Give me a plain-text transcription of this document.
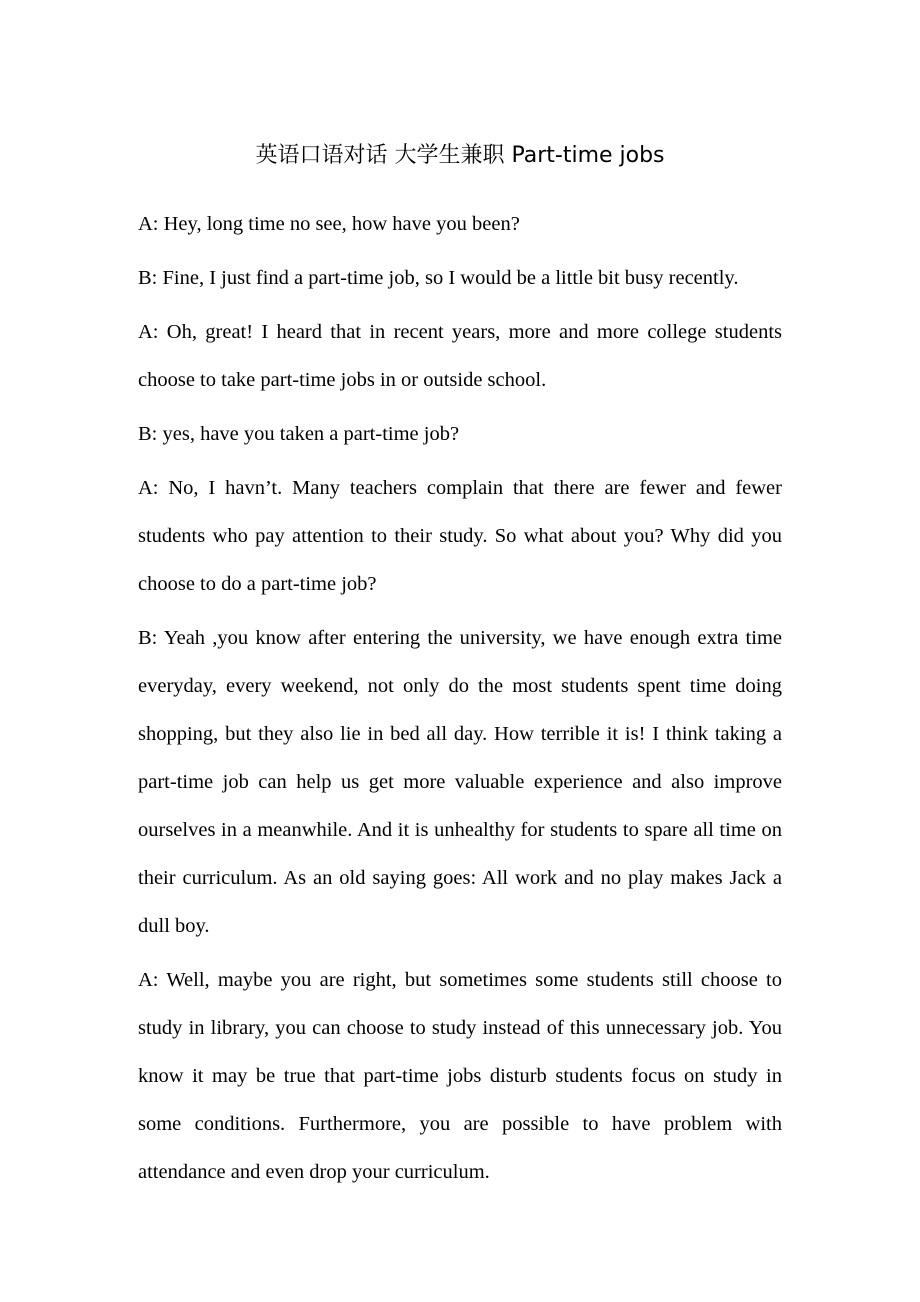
英语口语对话 大学生兼职 Part-time jobs

A: Hey, long time no see, how have you been?

B: Fine, I just find a part-time job, so I would be a little bit busy recently.

A: Oh, great! I heard that in recent years, more and more college students choose to take part-time jobs in or outside school.

B: yes, have you taken a part-time job?

A: No, I havn’t. Many teachers complain that there are fewer and fewer students who pay attention to their study. So what about you? Why did you choose to do a part-time job?

B: Yeah ,you know after entering the university, we have enough extra time everyday, every weekend, not only do the most students spent time doing shopping, but they also lie in bed all day. How terrible it is! I think taking a part-time job can help us get more valuable experience and also improve ourselves in a meanwhile. And it is unhealthy for students to spare all time on their curriculum. As an old saying goes: All work and no play makes Jack a dull boy.

A: Well, maybe you are right, but sometimes some students still choose to study in library, you can choose to study instead of this unnecessary job. You know it may be true that part-time jobs disturb students focus on study in some conditions. Furthermore, you are possible to have problem with attendance and even drop your curriculum.
